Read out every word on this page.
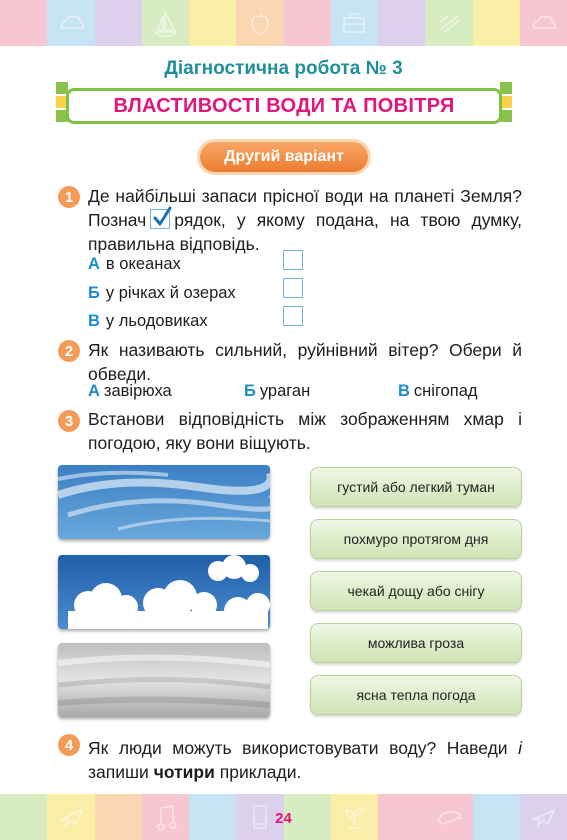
Діагностична робота № 3
ВЛАСТИВОСТІ ВОДИ ТА ПОВІТРЯ
Другий варіант
1 Де найбільші запаси прісної води на планеті Земля? Познач рядок, у якому подана, на твою думку, правильна відповідь.
А в океанах
Б у річках й озерах
В у льодовиках
2 Як називають сильний, руйнівний вітер? Обери й обведи.
А завірюха	Б ураган	В снігопад
3 Встанови відповідність між зображенням хмар і погодою, яку вони віщують.
густий або легкий туман
похмуро протягом дня
чекай дощу або снігу
можлива гроза
ясна тепла погода
4 Як люди можуть використовувати воду? Наведи і запиши чотири приклади.
24
